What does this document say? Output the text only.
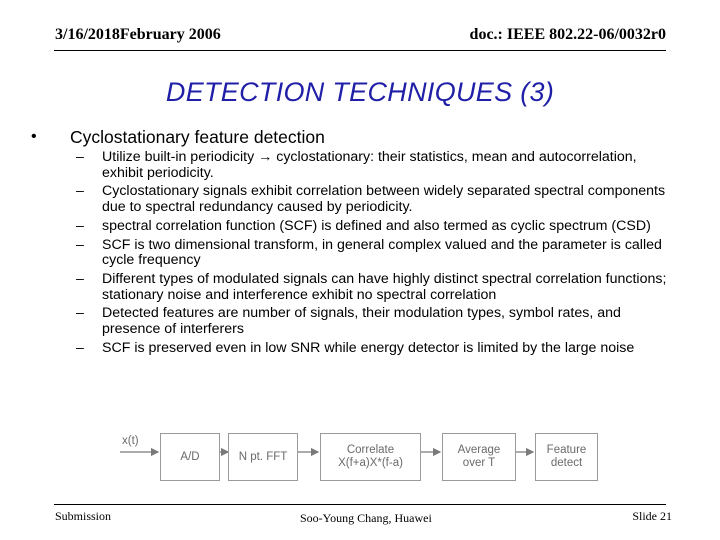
3/16/2018February 2006	doc.: IEEE 802.22-06/0032r0
DETECTION TECHNIQUES (3)
• Cyclostationary feature detection
– Utilize built-in periodicity → cyclostationary: their statistics, mean and autocorrelation, exhibit periodicity.
– Cyclostationary signals exhibit correlation between widely separated spectral components due to spectral redundancy caused by periodicity.
– spectral correlation function (SCF) is defined and also termed as cyclic spectrum (CSD)
– SCF is two dimensional transform, in general complex valued and the parameter is called cycle frequency
– Different types of modulated signals can have highly distinct spectral correlation functions; stationary noise and interference exhibit no spectral correlation
– Detected features are number of signals, their modulation types, symbol rates, and presence of interferers
– SCF is preserved even in low SNR while energy detector is limited by the large noise
x(t)
A/D	N pt. FFT
Correlate X(f+a)X*(f-a)
Average over T
Feature detect
Submission	Soo-Young Chang, Huawei	Slide 21
